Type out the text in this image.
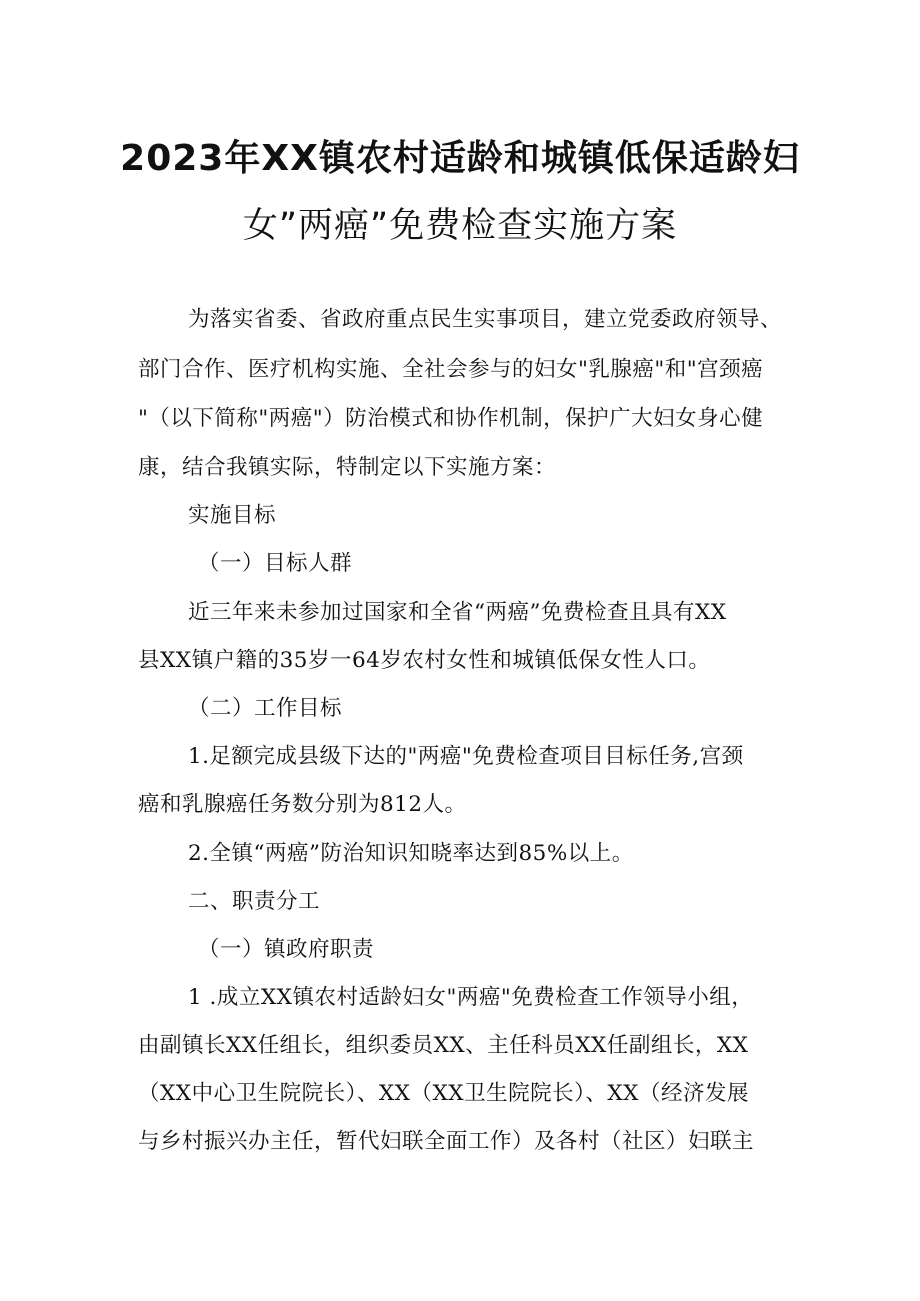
2023年XX镇农村适龄和城镇低保适龄妇
女”两癌”免费检查实施方案
为落实省委、省政府重点民生实事项目，建立党委政府领导、
部门合作、医疗机构实施、全社会参与的妇女"乳腺癌"和"宫颈癌
"（以下简称"两癌"）防治模式和协作机制，保护广大妇女身心健
康，结合我镇实际，特制定以下实施方案：
实施目标
（一）目标人群
近三年来未参加过国家和全省“两癌”免费检查且具有XX
县XX镇户籍的35岁一64岁农村女性和城镇低保女性人口。
（二）工作目标
1.足额完成县级下达的"两癌"免费检查项目目标任务,宫颈
癌和乳腺癌任务数分别为812人。
2.全镇“两癌”防治知识知晓率达到85%以上。
二、职责分工
（一）镇政府职责
1 .成立XX镇农村适龄妇女"两癌"免费检查工作领导小组，
由副镇长XX任组长，组织委员XX、主任科员XX任副组长，XX
（XX中心卫生院院长）、XX（XX卫生院院长）、XX（经济发展
与乡村振兴办主任，暂代妇联全面工作）及各村（社区）妇联主
